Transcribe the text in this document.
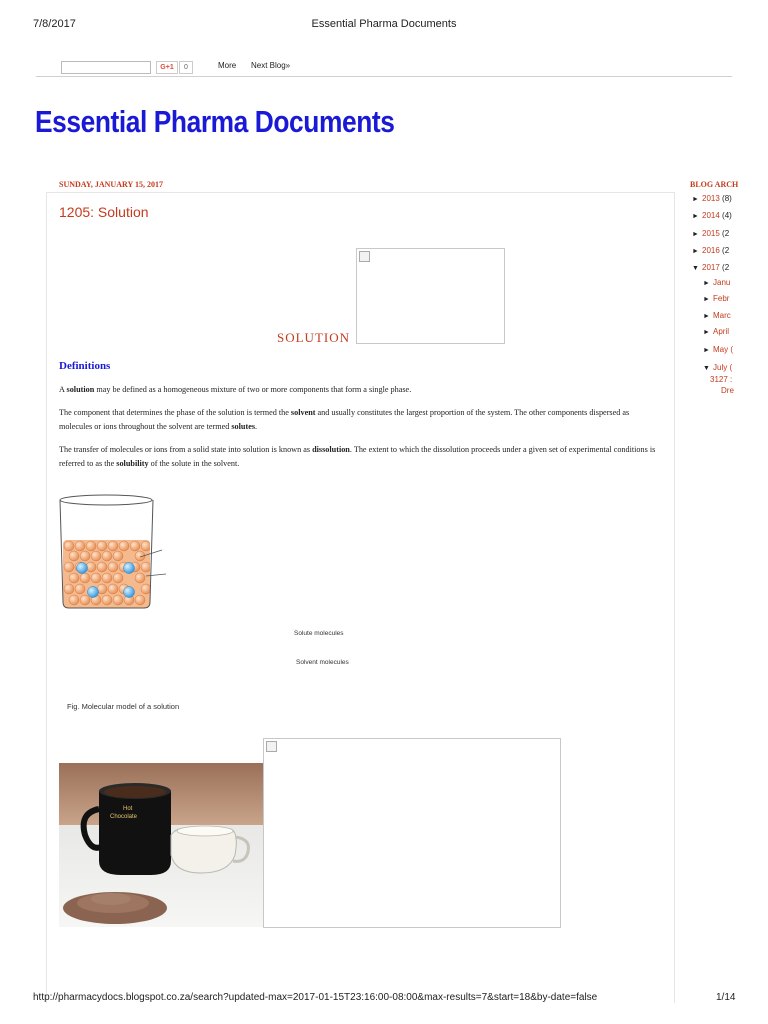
7/8/2017	Essential Pharma Documents
G+1	0	More Next Blog»
Essential Pharma Documents
SUNDAY, JANUARY 15, 2017
1205: Solution
SOLUTION
Definitions
A solution may be defined as a homogeneous mixture of two or more components that form a single phase.
The component that determines the phase of the solution is termed the solvent and usually constitutes the largest proportion of the system. The other components dispersed as molecules or ions throughout the solvent are termed solutes.
The transfer of molecules or ions from a solid state into solution is known as dissolution. The extent to which the dissolution proceeds under a given set of experimental conditions is referred to as the solubility of the solute in the solvent.
Solute molecules
Solvent molecules
Fig. Molecular model of a solution
Hot
Chocolate
BLOG ARCH
► 2013 (8)
► 2014 (4)
► 2015 (2
► 2016 (2
▼ 2017 (2
► Janu
► Febr
► Marc
► April
► May (
▼ July (
3127 :
Dre
http://pharmacydocs.blogspot.co.za/search?updated-max=2017-01-15T23:16:00-08:00&max-results=7&start=18&by-date=false	1/14
